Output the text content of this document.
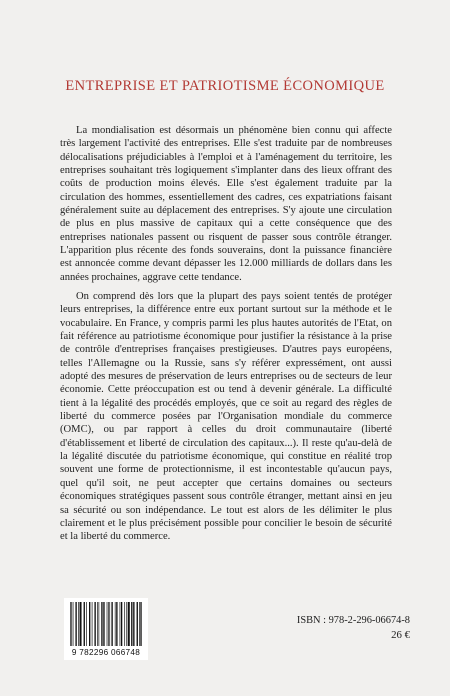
ENTREPRISE ET PATRIOTISME ÉCONOMIQUE
La mondialisation est désormais un phénomène bien connu qui affecte très largement l'activité des entreprises. Elle s'est traduite par de nombreuses délocalisations préjudiciables à l'emploi et à l'aménagement du territoire, les entreprises souhaitant très logiquement s'implanter dans des lieux offrant des coûts de production moins élevés. Elle s'est également traduite par la circulation des hommes, essentiellement des cadres, ces expatriations faisant généralement suite au déplacement des entreprises. S'y ajoute une circulation de plus en plus massive de capitaux qui a cette conséquence que des entreprises nationales passent ou risquent de passer sous contrôle étranger. L'apparition plus récente des fonds souverains, dont la puissance financière est annoncée comme devant dépasser les 12.000 milliards de dollars dans les années prochaines, aggrave cette tendance.
On comprend dès lors que la plupart des pays soient tentés de protéger leurs entreprises, la différence entre eux portant surtout sur la méthode et le vocabulaire. En France, y compris parmi les plus hautes autorités de l'Etat, on fait référence au patriotisme économique pour justifier la résistance à la prise de contrôle d'entreprises françaises prestigieuses. D'autres pays européens, telles l'Allemagne ou la Russie, sans s'y référer expressément, ont aussi adopté des mesures de préservation de leurs entreprises ou de secteurs de leur économie. Cette préoccupation est ou tend à devenir générale. La difficulté tient à la légalité des procédés employés, que ce soit au regard des règles de liberté du commerce posées par l'Organisation mondiale du commerce (OMC), ou par rapport à celles du droit communautaire (liberté d'établissement et liberté de circulation des capitaux...). Il reste qu'au-delà de la légalité discutée du patriotisme économique, qui constitue en réalité trop souvent une forme de protectionnisme, il est incontestable qu'aucun pays, quel qu'il soit, ne peut accepter que certains domaines ou secteurs économiques stratégiques passent sous contrôle étranger, mettant ainsi en jeu sa sécurité ou son indépendance. Le tout est alors de les délimiter le plus clairement et le plus précisément possible pour concilier le besoin de sécurité et la liberté du commerce.
9 782296 066748
ISBN : 978-2-296-06674-8
26 €
